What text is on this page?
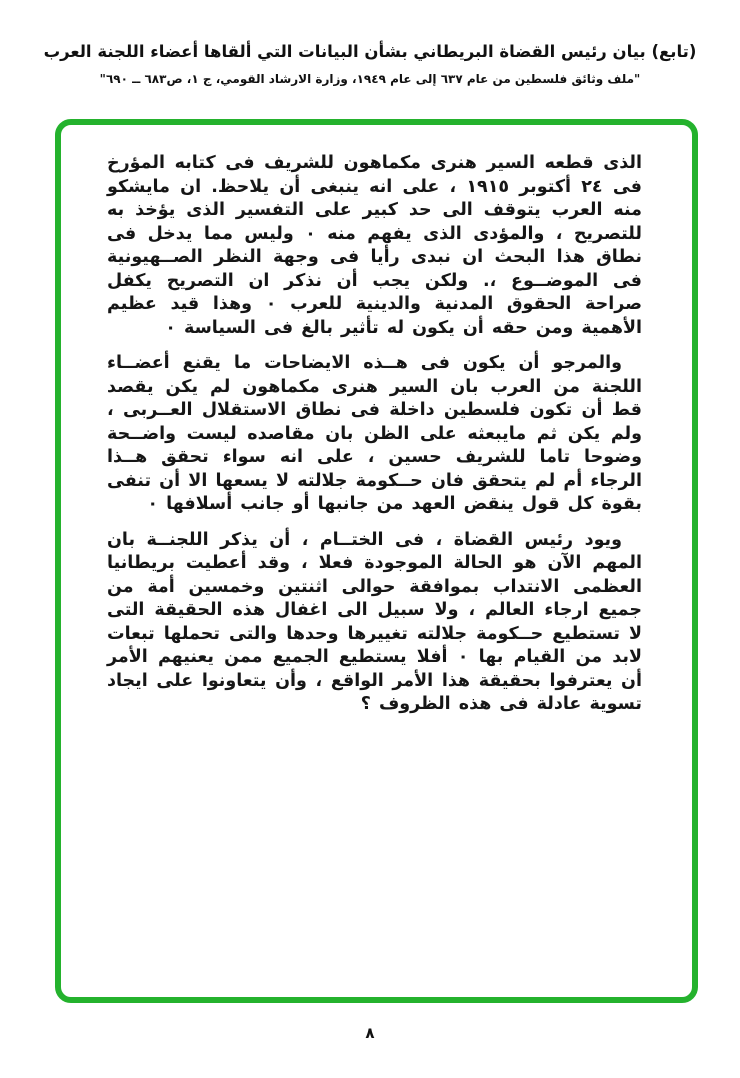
(تابع) بيان رئيس القضاة البريطاني بشأن البيانات التي ألقاها أعضاء اللجنة العرب
"ملف وثائق فلسطين من عام ٦٣٧ إلى عام ١٩٤٩، وزارة الارشاد القومي، ج ١، ص٦٨٣ ــ ٦٩٠"

الذى قطعه السير هنرى مكماهون للشريف فى كتابه المؤرخ فى ٢٤ أكتوبر ١٩١٥ ، على انه ينبغى أن يلاحظ. ان مايشكو منه العرب يتوقف الى حد كبير على التفسير الذى يؤخذ به للتصريح ، والمؤدى الذى يفهم منه ٠ وليس مما يدخل فى نطاق هذا البحث ان نبدى رأيا فى وجهة النظر الصــهيونية فى الموضــوع ،. ولكن يجب أن نذكر ان التصريح يكفل صراحة الحقوق المدنية والدينية للعرب ٠ وهذا قيد عظيم الأهمية ومن حقه أن يكون له تأثير بالغ فى السياسة ٠

والمرجو أن يكون فى هــذه الايضاحات ما يقنع أعضــاء اللجنة من العرب بان السير هنرى مكماهون لم يكن يقصد قط أن تكون فلسطين داخلة فى نطاق الاستقلال العــربى ، ولم يكن ثم مايبعثه على الظن بان مقاصده ليست واضــحة وضوحا تاما للشريف حسين ، على انه سواء تحقق هــذا الرجاء أم لم يتحقق فان حــكومة جلالته لا يسعها الا أن تنفى بقوة كل قول ينقض العهد من جانبها أو جانب أسلافها ٠

ويود رئيس القضاة ، فى الختــام ، أن يذكر اللجنــة بان المهم الآن هو الحالة الموجودة فعلا ، وقد أعطيت بريطانيا العظمى الانتداب بموافقة حوالى اثنتين وخمسين أمة من جميع ارجاء العالم ، ولا سبيل الى اغفال هذه الحقيقة التى لا تستطيع حــكومة جلالته تغييرها وحدها والتى تحملها تبعات لابد من القيام بها ٠ أفلا يستطيع الجميع ممن يعنيهم الأمر أن يعترفوا بحقيقة هذا الأمر الواقع ، وأن يتعاونوا على ايجاد تسوية عادلة فى هذه الظروف ؟

٨
